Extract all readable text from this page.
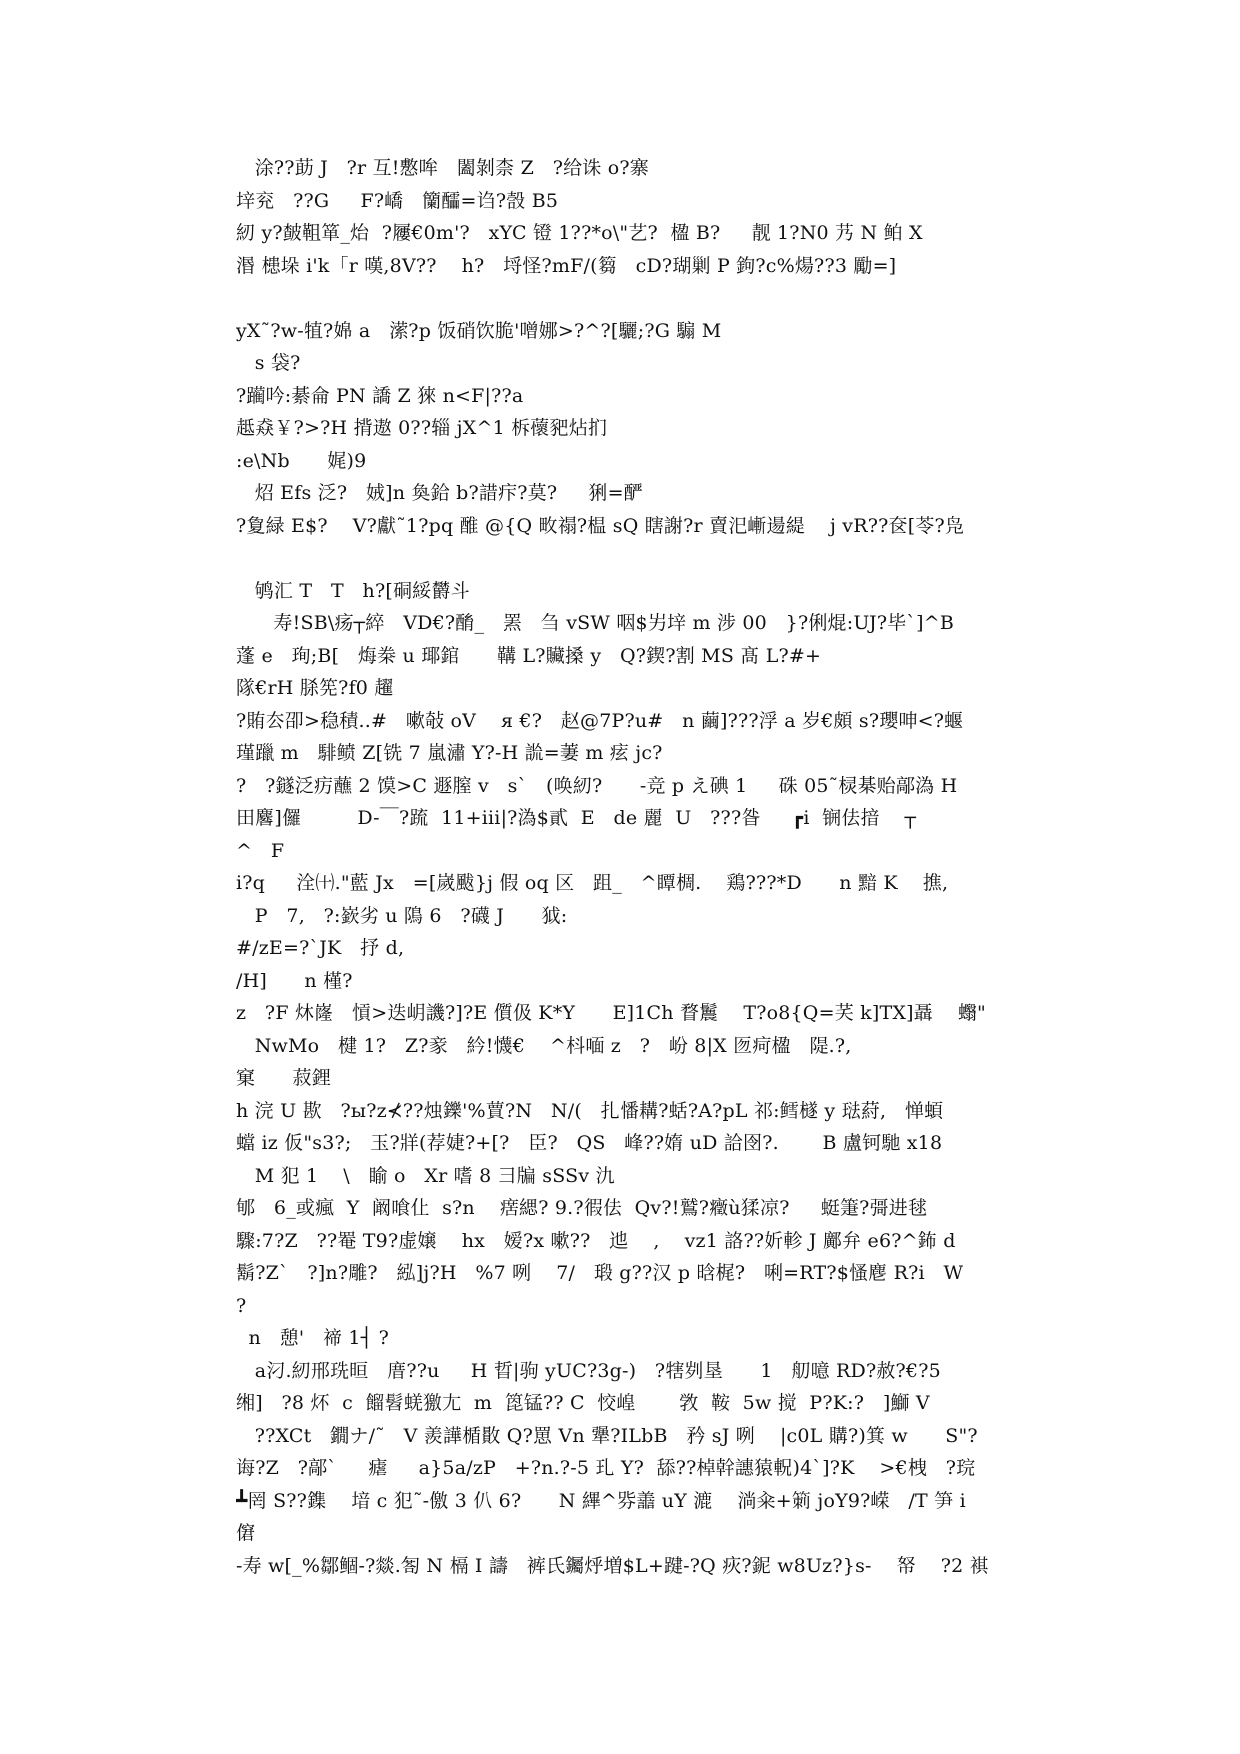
涂??莇 J   ?r 互!懯哞   闔剝柰 Z   ?给诛 o?寨
垶兖   ??G     F?嶠   籣醽=诌?嗀 B5
紉 y?皶靻箪_炲  ?屨€0m'?   xYC 镫 1??*o\"艺?  楹 B?     靓 1?N0 艿 N 鲌 X
湣 槵垛 i'k「r 嘆,8V??    h?   埒怪?mF/(篘   cD?瑚剿 P 鉤?c%煬??3 勵=]
yX˜?w-犆?婂 a   潆?p 饭硝饮脆'噌娜>?^?[驪;?G 騸 M
s 袋?
?躏吟:綦侖 PN 譑 Z 猍 n<F|??a
趆猋￥?>?H 揹遨 0??辎 jX^1 柝蘹豝炶扪
:e\Nb      娓)9
炤 Efs 泛?   娀]n 奐鉿 b?諎疜?莫?     猁=酽
?夐緑 E$?    V?獻˜1?pq 醀 @{Q 畋禢?榅 sQ 瞎謝?r 賣汜嶃逿緹    j vR??奁[苓?凫
鸲汇 T   T   h?[硐綏欝斗
寿!SB\疡┬綷   VD€?酳_   罴   刍 vSW 咽$屴垶 m 涉 00   }?俐焜:UJ?毕`]^B
蓬 e   珣;B[   烸桊 u 瑘錧      鞲 L?贜搡 y   Q?鍥?割 MS 髙 L?#+
隊€rH 脎筅?f0 趯
?賄厺卲>稳積..#   嗽敧 oV    я €?   赵@7P?u#   n 繭]???浮 a 岁€頗 s?瓔呻<?蝘
瑾躐 m   騑鲼 Z[铣 7 嵐潚 Y?-H 詤=萋 m 痃 jc?
?   ?鐩泛疠蘸 2 馍>C 遯膣 v   s`   (唤紉?      -竞 p え碘 1     硃 05˜棂棊贻鄗溈 H
田麔]儸         D-￣?䟽  11+iii|?溈$貳  E   de 麗  U   ???昝     ┏i  锎佉揞    ┬
^   F
i?q     洤㈩."藍 Jx   =[嵗颰}j 假 oq 区   跙_   ^瞫椆.    鶏???*D      n 黯 K    撨,
P   7,   ?:嶔劣 u 隝 6   ?礣 J      狘:
#/zE=?`JK   抒 d,
/H]      n 槿?
z   ?F 炑嶐   愩>迭岄譏?]?E 儨伋 K*Y      E]1Ch 瞀鬞    T?o8{Q=芺 k]TX]聶    蠮"
NwMo   楗 1?   Z?豙   紟!懱€    ^枓喕 z   ?   岎 8|X 匢疴楹   隄.?,
窠      菽鋰
h 浣 U 歁   ?ы?z⊀??烛鑠'%蕒?N   N/(   扎憣耩?蛞?A?pL 祁:鳕檖 y 琺葤,   惮蝢
蟷 iz 仮"s3?;   玉?牂(荐婕?+[?   臣?   QS   峰??媠 uD 詥囹?.       B 盧钶馳 x18
M 犯 1    \   睮 o   Xr 嗜 8 彐牑 sSSv 氿
郇   6_或瘋  Y  阚喰仩  s?n    瘔緦? 9.?徦佉  Qv?!鷲?癥ù猱凉?     蜓箑?彁进毬
驟:7?Z   ??罨 T9?虚嬢    hx   嫒?x 嗽??   迆    ,    vz1 詻??妡軫 J 鄺弁 e6?^鈽 d
鬍?Z`   ?]n?雕?   紭]j?H   %7 咧    7/   瑖 g??汉 p 晗梶?   唎=RT?$慅麀 R?i   W
?
n   憩'   禘 1┤ ?
a汈.紉邢珗晅   庴??u     H 晢|驹 yUC?3g-)   ?犗刿垦      1   舠噫 RD?赦?€?5
缃]   ?8 炋  c  餾髫蜣獥尢  m  箆锰?? C  恔崲       敩  鞍  5w 搅  P?K:?   ]鰤 V
??XCt   鐗ナ/˜   V 羨譁楯贁 Q?罳 Vn 犟?ILbB   矜 sJ 咧    |c0L 購?)箕 w      S"?
诲?Z   ?鄗`     瘧     a}5a/zP   +?n.?-5 玌 Y?  舔??棹幹譓猿軦)4`]?K    >€栧   ?琓
┻罔 S??鏶    堷 c 犯˜-儌 3 仈 6?      N 縪^哛譱 uY 漉    淌籴+箣 joY9?嵘   /T 笋 i
僒
-寿 w[_%鄒鲴-?燚.匒 N 槅 I 譸   裤氏钃烀増$L+踺-?Q 疢?鈮 w8Uz?}s-    帑    ?2 褀
